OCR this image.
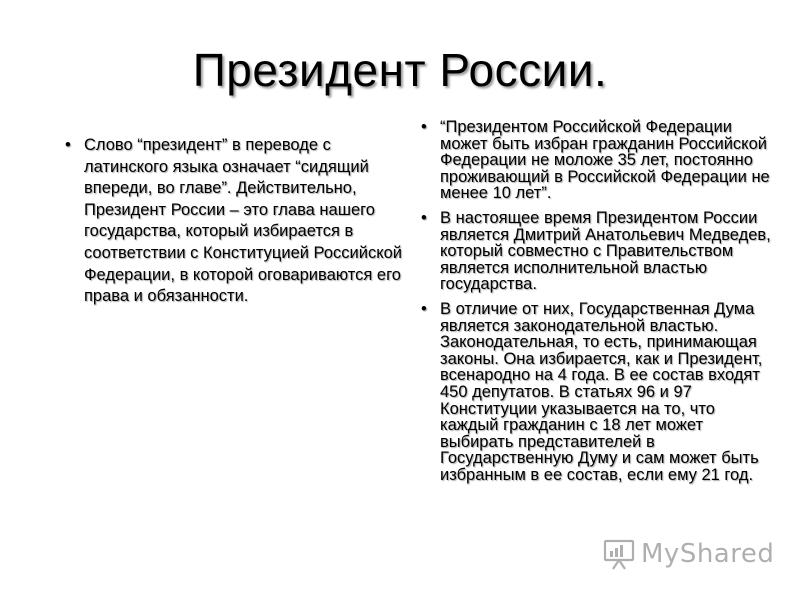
Президент России.
• Слово “президент” в переводе с латинского языка означает “сидящий впереди, во главе”. Действительно, Президент России – это глава нашего государства, который избирается в соответствии с Конституцией Российской Федерации, в которой оговариваются его права и обязанности.
• “Президентом Российской Федерации может быть избран гражданин Российской Федерации не моложе 35 лет, постоянно проживающий в Российской Федерации не менее 10 лет”.
• В настоящее время Президентом России является Дмитрий Анатольевич Медведев, который совместно с Правительством является исполнительной властью государства.
• В отличие от них, Государственная Дума является законодательной властью. Законодательная, то есть, принимающая законы. Она избирается, как и Президент, всенародно на 4 года. В ее состав входят 450 депутатов. В статьях 96 и 97 Конституции указывается на то, что каждый гражданин с 18 лет может выбирать представителей в Государственную Думу и сам может быть избранным в ее состав, если ему 21 год.
MyShared
